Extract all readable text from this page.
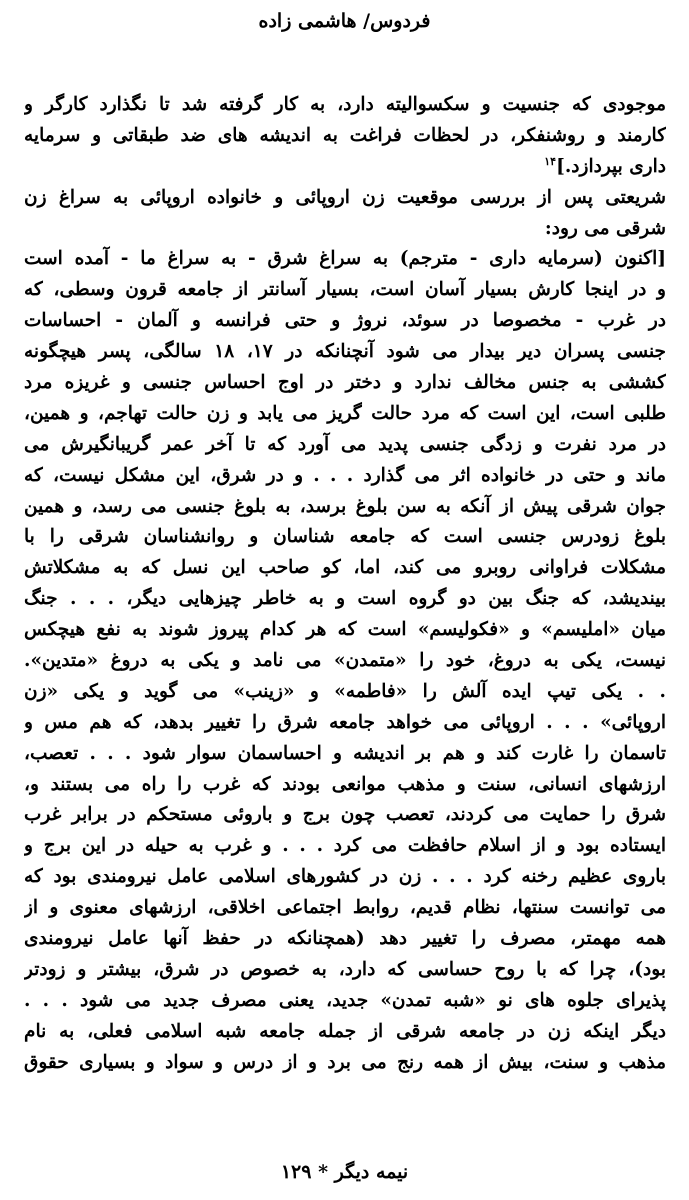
فردوس/ هاشمی زاده
موجودی که جنسیت و سکسوالیته دارد، به کار گرفته شد تا نگذارد کارگر و
کارمند و روشنفکر، در لحظات فراغت به اندیشه های ضد طبقاتی و سرمایه
داری بپردازد.]$^{۱۴}$
شریعتی پس از بررسی موقعیت زن اروپائی و خانواده اروپائی به سراغ زن
شرقی می رود:
[اکنون (سرمایه داری - مترجم) به سراغ شرق - به سراغ ما - آمده است
و در اینجا کارش بسیار آسان است، بسیار آسانتر از جامعه قرون وسطی، که
در غرب - مخصوصا در سوئد، نروژ و حتی فرانسه و آلمان - احساسات
جنسی پسران دیر بیدار می شود آنچنانکه در ۱۷، ۱۸ سالگی، پسر هیچگونه
کششی به جنس مخالف ندارد و دختر در اوج احساس جنسی و غریزه مرد
طلبی است، این است که مرد حالت گریز می یابد و زن حالت تهاجم، و همین،
در مرد نفرت و زدگی جنسی پدید می آورد که تا آخر عمر گریبانگیرش می
ماند و حتی در خانواده اثر می گذارد . . . و در شرق، این مشکل نیست، که
جوان شرقی پیش از آنکه به سن بلوغ برسد، به بلوغ جنسی می رسد، و همین
بلوغ زودرس جنسی است که جامعه شناسان و روانشناسان شرقی را با
مشکلات فراوانی روبرو می کند، اما، کو صاحب این نسل که به مشکلاتش
بیندیشد، که جنگ بین دو گروه است و به خاطر چیزهایی دیگر، . . . جنگ
میان «املیسم» و «فکولیسم» است که هر کدام پیروز شوند به نفع هیچکس
نیست، یکی به دروغ، خود را «متمدن» می نامد و یکی به دروغ «متدین».
. . یکی تیپ ایده آلش را «فاطمه» و «زینب» می گوید و یکی «زن
اروپائی» . . . اروپائی می خواهد جامعه شرق را تغییر بدهد، که هم مس و
تاسمان را غارت کند و هم بر اندیشه و احساسمان سوار شود . . . تعصب،
ارزشهای انسانی، سنت و مذهب موانعی بودند که غرب را راه می بستند و،
شرق را حمایت می کردند، تعصب چون برج و باروئی مستحکم در برابر غرب
ایستاده بود و از اسلام حافظت می کرد . . . و غرب به حیله در این برج و
باروی عظیم رخنه کرد . . . زن در کشورهای اسلامی عامل نیرومندی بود که
می توانست سنتها، نظام قدیم، روابط اجتماعی اخلاقی، ارزشهای معنوی و از
همه مهمتر، مصرف را تغییر دهد (همچنانکه در حفظ آنها عامل نیرومندی
بود)، چرا که با روح حساسی که دارد، به خصوص در شرق، بیشتر و زودتر
پذیرای جلوه های نو «شبه تمدن» جدید، یعنی مصرف جدید می شود . . .
دیگر اینکه زن در جامعه شرقی از جمله جامعه شبه اسلامی فعلی، به نام
مذهب و سنت، بیش از همه رنج می برد و از درس و سواد و بسیاری حقوق
نیمه دیگر * ۱۲۹
